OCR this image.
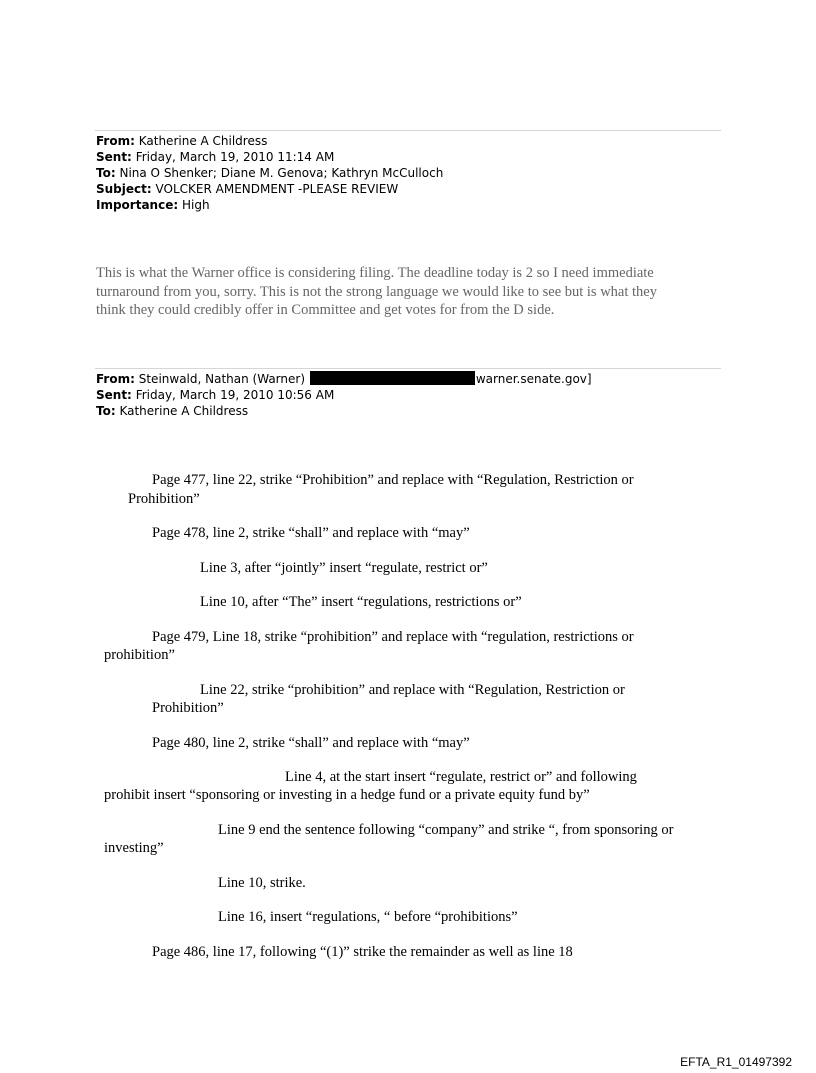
From: Katherine A Childress
Sent: Friday, March 19, 2010 11:14 AM
To: Nina O Shenker; Diane M. Genova; Kathryn McCulloch
Subject: VOLCKER AMENDMENT -PLEASE REVIEW
Importance: High
This is what the Warner office is considering filing. The deadline today is 2 so I need immediate
turnaround from you, sorry. This is not the strong language we would like to see but is what they
think they could credibly offer in Committee and get votes for from the D side.
From: Steinwald, Nathan (Warner)	warner.senate.gov]
Sent: Friday, March 19, 2010 10:56 AM
To: Katherine A Childress
Page 477, line 22, strike “Prohibition” and replace with “Regulation, Restriction or
Prohibition”
Page 478, line 2, strike “shall” and replace with “may”
Line 3, after “jointly” insert “regulate, restrict or”
Line 10, after “The” insert “regulations, restrictions or”
Page 479, Line 18, strike “prohibition” and replace with “regulation, restrictions or
prohibition”
Line 22, strike “prohibition” and replace with “Regulation, Restriction or
Prohibition”
Page 480, line 2, strike “shall” and replace with “may”
Line 4, at the start insert “regulate, restrict or” and following
prohibit insert “sponsoring or investing in a hedge fund or a private equity fund by”
Line 9 end the sentence following “company” and strike “, from sponsoring or
investing”
Line 10, strike.
Line 16, insert “regulations, “ before “prohibitions”
Page 486, line 17, following “(1)” strike the remainder as well as line 18
EFTA_R1_01497392
